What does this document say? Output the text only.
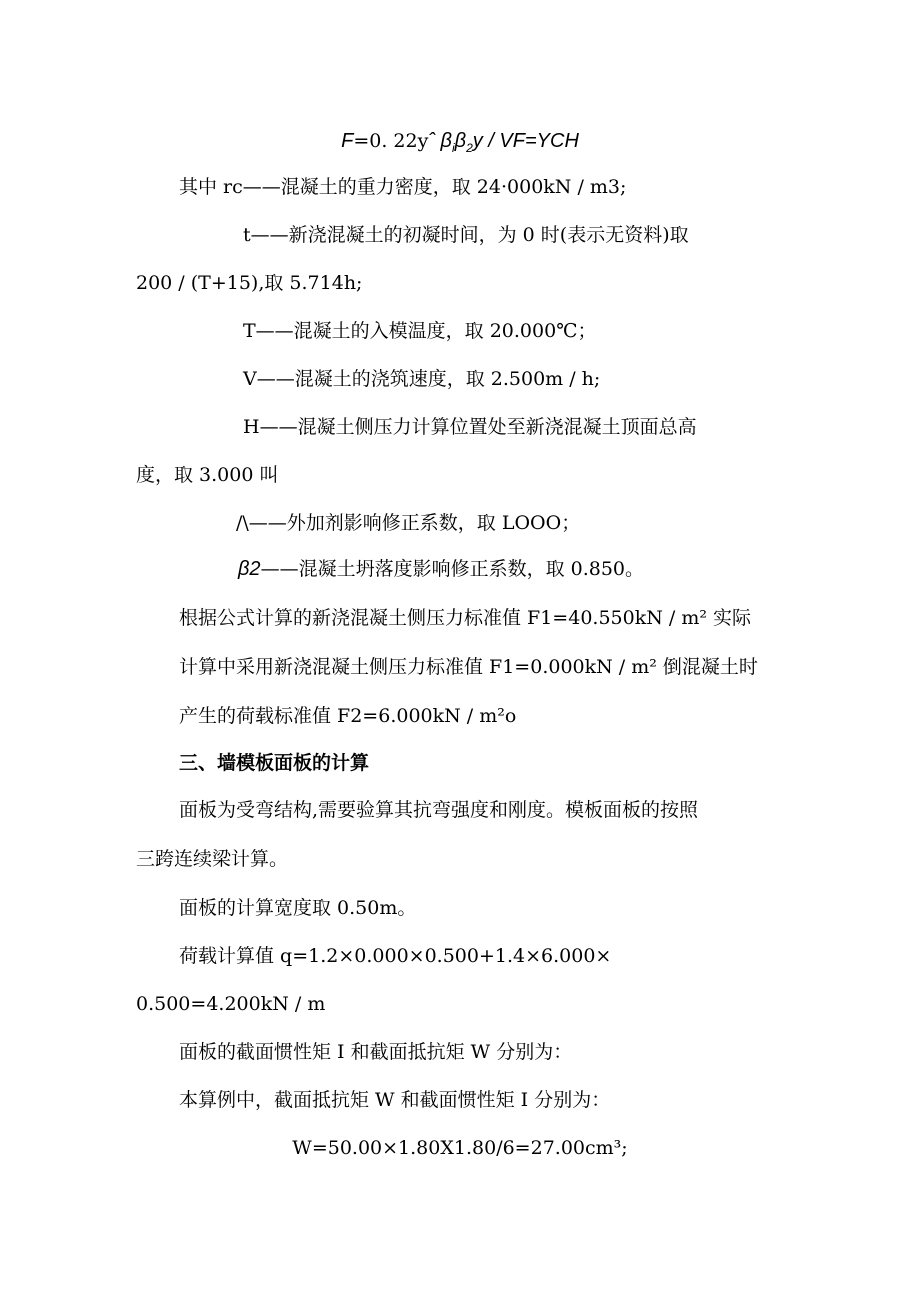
F=0. 22yˆ $\beta_i\beta_2y / VF=YCH$

其中 rc——混凝土的重力密度，取 24·000kN / m3;

t——新浇混凝土的初凝时间，为 0 时(表示无资料)取

200 / (T+15),取 5.714h;

T——混凝土的入模温度，取 20.000℃；

V——混凝土的浇筑速度，取 2.500m / h;

H——混凝土侧压力计算位置处至新浇混凝土顶面总高

度，取 3.000 叫

/\——外加剂影响修正系数，取 LOOO；

β2——混凝土坍落度影响修正系数，取 0.850。

根据公式计算的新浇混凝土侧压力标准值 F1=40.550kN / m² 实际

计算中采用新浇混凝土侧压力标准值 F1=0.000kN / m² 倒混凝土时

产生的荷载标准值 F2=6.000kN / m²o

三、墙模板面板的计算

面板为受弯结构,需要验算其抗弯强度和刚度。模板面板的按照

三跨连续梁计算。

面板的计算宽度取 0.50m。

荷载计算值 q=1.2×0.000×0.500+1.4×6.000×

0.500=4.200kN / m

面板的截面惯性矩 I 和截面抵抗矩 W 分别为：

本算例中，截面抵抗矩 W 和截面惯性矩 I 分别为：

W=50.00×1.80X1.80/6=27.00cm³;
